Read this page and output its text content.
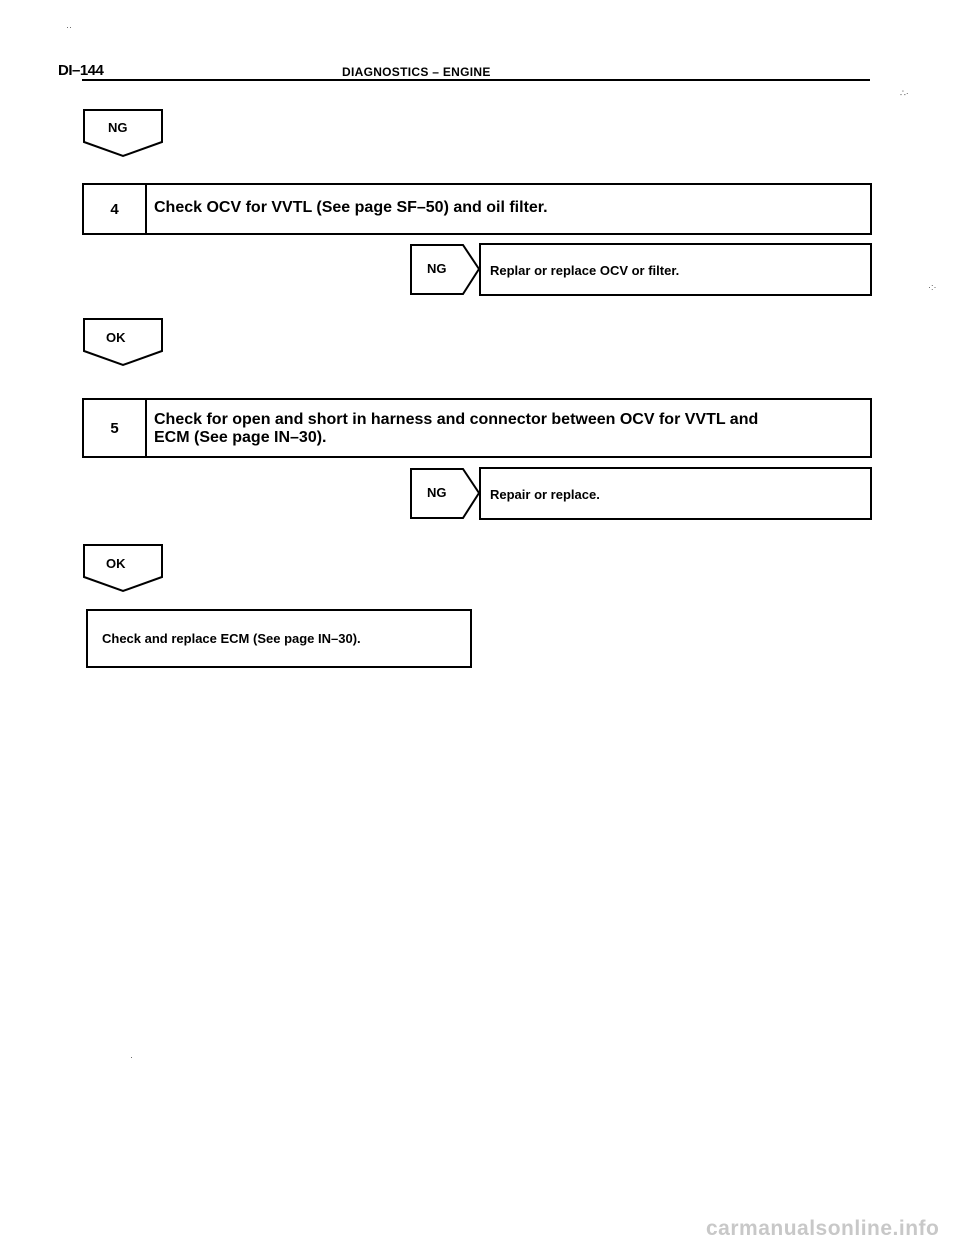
DI–144	DIAGNOSTICS – ENGINE
··
∴·
NG
4	Check OCV for VVTL (See page SF–50) and oil filter.
NG	Replar or replace OCV or filter.
·:·
OK
5	Check for open and short in harness and connector between OCV for VVTL and
ECM (See page IN–30).
NG	Repair or replace.
OK
Check and replace ECM (See page IN–30).
·
carmanualsonline.info
